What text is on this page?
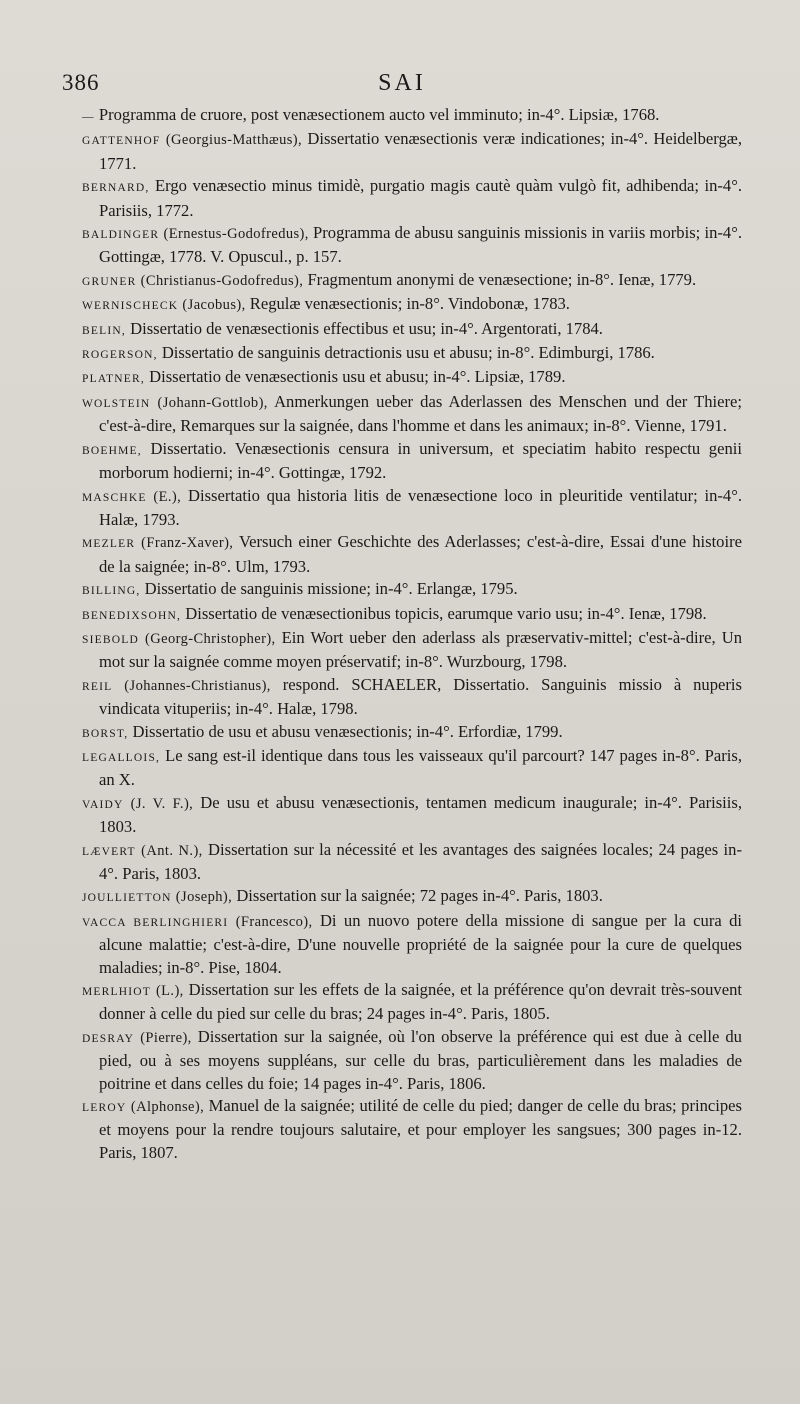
386	SAI

— Programma de cruore, post venæsectionem aucto vel imminuto; in-4°. Lipsiæ, 1768.

GATTENHOF (Georgius-Matthæus), Dissertatio venæsectionis veræ indicationes; in-4°. Heidelbergæ, 1771.

BERNARD, Ergo venæsectio minus timidè, purgatio magis cautè quàm vulgò fit, adhibenda; in-4°. Parisiis, 1772.

BALDINGER (Ernestus-Godofredus), Programma de abusu sanguinis missionis in variis morbis; in-4°. Gottingæ, 1778. V. Opuscul., p. 157.

GRUNER (Christianus-Godofredus), Fragmentum anonymi de venæsectione; in-8°. Ienæ, 1779.

WERNISCHECK (Jacobus), Regulæ venæsectionis; in-8°. Vindobonæ, 1783.

BELIN, Dissertatio de venæsectionis effectibus et usu; in-4°. Argentorati, 1784.

ROGERSON, Dissertatio de sanguinis detractionis usu et abusu; in-8°. Edimburgi, 1786.

PLATNER, Dissertatio de venæsectionis usu et abusu; in-4°. Lipsiæ, 1789.

WOLSTEIN (Johann-Gottlob), Anmerkungen ueber das Aderlassen des Menschen und der Thiere; c'est-à-dire, Remarques sur la saignée, dans l'homme et dans les animaux; in-8°. Vienne, 1791.

BOEHME, Dissertatio. Venæsectionis censura in universum, et speciatim habito respectu genii morborum hodierni; in-4°. Gottingæ, 1792.

MASCHKE (E.), Dissertatio qua historia litis de venæsectione loco in pleuritide ventilatur; in-4°. Halæ, 1793.

MEZLER (Franz-Xaver), Versuch einer Geschichte des Aderlasses; c'est-à-dire, Essai d'une histoire de la saignée; in-8°. Ulm, 1793.

BILLING, Dissertatio de sanguinis missione; in-4°. Erlangæ, 1795.

BENEDIXSOHN, Dissertatio de venæsectionibus topicis, earumque vario usu; in-4°. Ienæ, 1798.

SIEBOLD (Georg-Christopher), Ein Wort ueber den aderlass als præservativ-mittel; c'est-à-dire, Un mot sur la saignée comme moyen préservatif; in-8°. Wurzbourg, 1798.

REIL (Johannes-Christianus), respond. SCHAELER, Dissertatio. Sanguinis missio à nuperis vindicata vituperiis; in-4°. Halæ, 1798.

BORST, Dissertatio de usu et abusu venæsectionis; in-4°. Erfordiæ, 1799.

LEGALLOIS, Le sang est-il identique dans tous les vaisseaux qu'il parcourt? 147 pages in-8°. Paris, an X.

VAIDY (J. V. F.), De usu et abusu venæsectionis, tentamen medicum inaugurale; in-4°. Parisiis, 1803.

LÆVERT (Ant. N.), Dissertation sur la nécessité et les avantages des saignées locales; 24 pages in-4°. Paris, 1803.

JOULLIETTON (Joseph), Dissertation sur la saignée; 72 pages in-4°. Paris, 1803.

VACCA BERLINGHIERI (Francesco), Di un nuovo potere della missione di sangue per la cura di alcune malattie; c'est-à-dire, D'une nouvelle propriété de la saignée pour la cure de quelques maladies; in-8°. Pise, 1804.

MERLHIOT (L.), Dissertation sur les effets de la saignée, et la préférence qu'on devrait très-souvent donner à celle du pied sur celle du bras; 24 pages in-4°. Paris, 1805.

DESRAY (Pierre), Dissertation sur la saignée, où l'on observe la préférence qui est due à celle du pied, ou à ses moyens suppléans, sur celle du bras, particulièrement dans les maladies de poitrine et dans celles du foie; 14 pages in-4°. Paris, 1806.

LEROY (Alphonse), Manuel de la saignée; utilité de celle du pied; danger de celle du bras; principes et moyens pour la rendre toujours salutaire, et pour employer les sangsues; 300 pages in-12. Paris, 1807.
